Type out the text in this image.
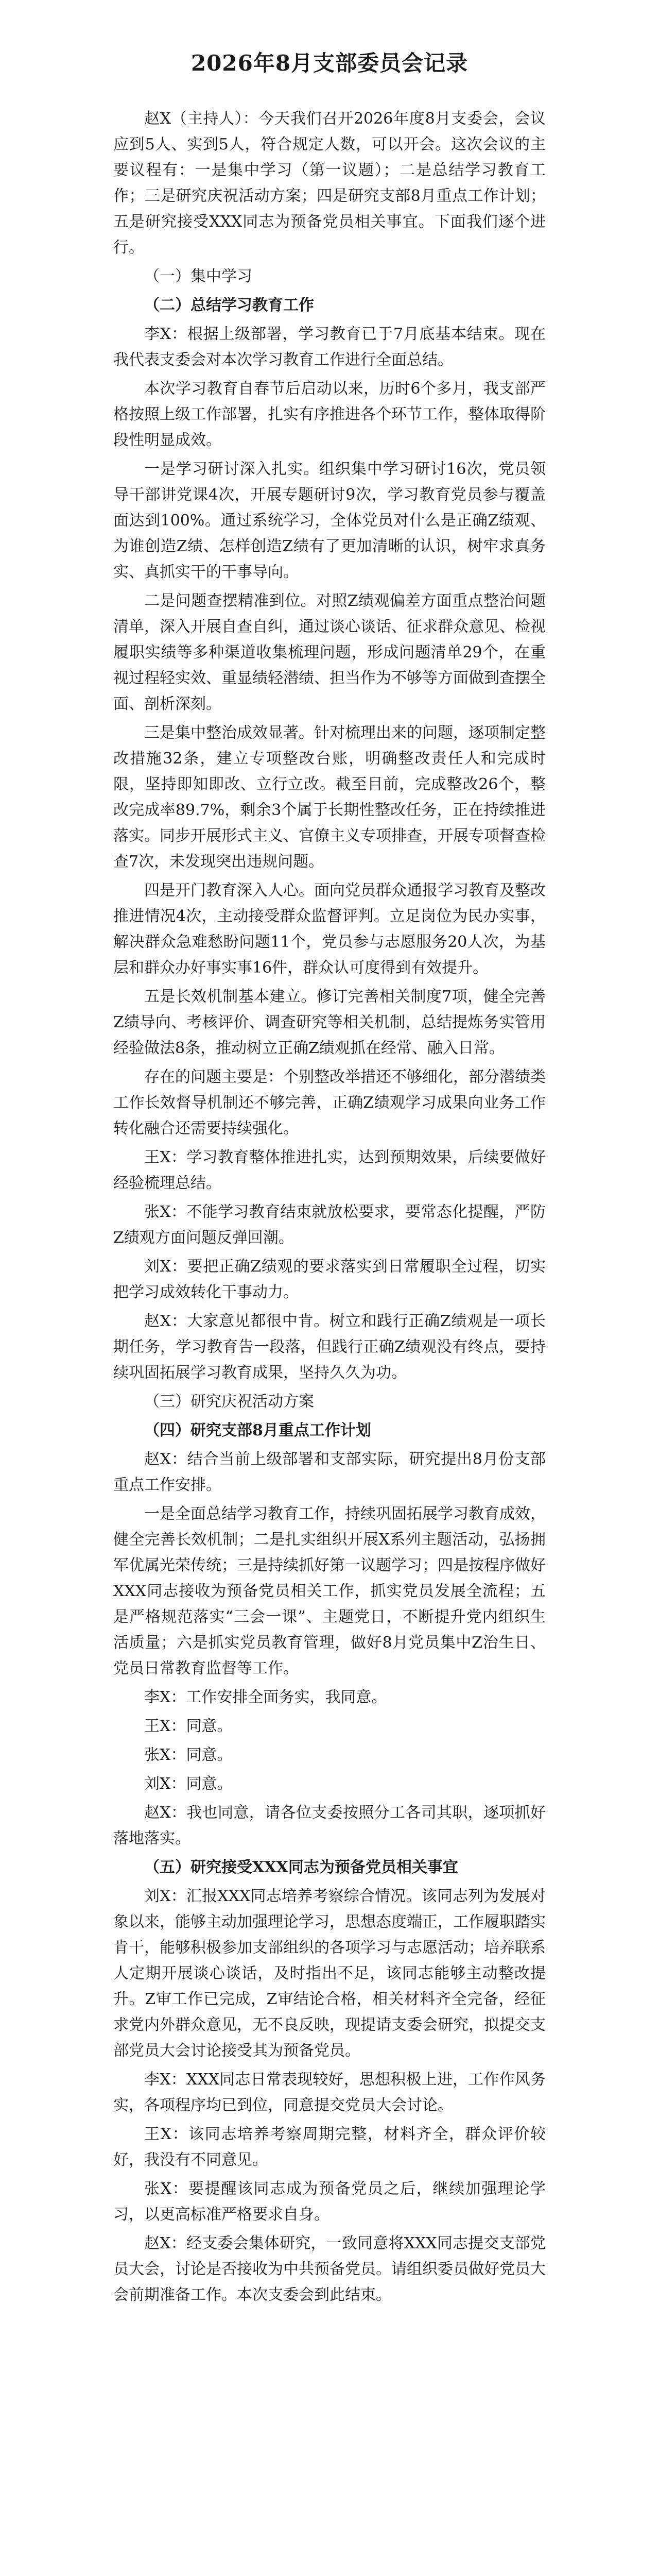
2026年8月支部委员会记录

赵X（主持人）：今天我们召开2026年度8月支委会，会议应到5人、实到5人，符合规定人数，可以开会。这次会议的主要议程有：一是集中学习（第一议题）；二是总结学习教育工作；三是研究庆祝活动方案；四是研究支部8月重点工作计划；五是研究接受XXX同志为预备党员相关事宜。下面我们逐个进行。

（一）集中学习

（二）总结学习教育工作

李X：根据上级部署，学习教育已于7月底基本结束。现在我代表支委会对本次学习教育工作进行全面总结。

本次学习教育自春节后启动以来，历时6个多月，我支部严格按照上级工作部署，扎实有序推进各个环节工作，整体取得阶段性明显成效。

一是学习研讨深入扎实。组织集中学习研讨16次，党员领导干部讲党课4次，开展专题研讨9次，学习教育党员参与覆盖面达到100%。通过系统学习，全体党员对什么是正确Z绩观、为谁创造Z绩、怎样创造Z绩有了更加清晰的认识，树牢求真务实、真抓实干的干事导向。

二是问题查摆精准到位。对照Z绩观偏差方面重点整治问题清单，深入开展自查自纠，通过谈心谈话、征求群众意见、检视履职实绩等多种渠道收集梳理问题，形成问题清单29个，在重视过程轻实效、重显绩轻潜绩、担当作为不够等方面做到查摆全面、剖析深刻。

三是集中整治成效显著。针对梳理出来的问题，逐项制定整改措施32条，建立专项整改台账，明确整改责任人和完成时限，坚持即知即改、立行立改。截至目前，完成整改26个，整改完成率89.7%，剩余3个属于长期性整改任务，正在持续推进落实。同步开展形式主义、官僚主义专项排查，开展专项督查检查7次，未发现突出违规问题。

四是开门教育深入人心。面向党员群众通报学习教育及整改推进情况4次，主动接受群众监督评判。立足岗位为民办实事，解决群众急难愁盼问题11个，党员参与志愿服务20人次，为基层和群众办好事实事16件，群众认可度得到有效提升。

五是长效机制基本建立。修订完善相关制度7项，健全完善Z绩导向、考核评价、调查研究等相关机制，总结提炼务实管用经验做法8条，推动树立正确Z绩观抓在经常、融入日常。

存在的问题主要是：个别整改举措还不够细化，部分潜绩类工作长效督导机制还不够完善，正确Z绩观学习成果向业务工作转化融合还需要持续强化。

王X：学习教育整体推进扎实，达到预期效果，后续要做好经验梳理总结。

张X：不能学习教育结束就放松要求，要常态化提醒，严防Z绩观方面问题反弹回潮。

刘X：要把正确Z绩观的要求落实到日常履职全过程，切实把学习成效转化干事动力。

赵X：大家意见都很中肯。树立和践行正确Z绩观是一项长期任务，学习教育告一段落，但践行正确Z绩观没有终点，要持续巩固拓展学习教育成果，坚持久久为功。

（三）研究庆祝活动方案

（四）研究支部8月重点工作计划

赵X：结合当前上级部署和支部实际，研究提出8月份支部重点工作安排。

一是全面总结学习教育工作，持续巩固拓展学习教育成效，健全完善长效机制；二是扎实组织开展X系列主题活动，弘扬拥军优属光荣传统；三是持续抓好第一议题学习；四是按程序做好XXX同志接收为预备党员相关工作，抓实党员发展全流程；五是严格规范落实“三会一课”、主题党日，不断提升党内组织生活质量；六是抓实党员教育管理，做好8月党员集中Z治生日、党员日常教育监督等工作。

李X：工作安排全面务实，我同意。

王X：同意。

张X：同意。

刘X：同意。

赵X：我也同意，请各位支委按照分工各司其职，逐项抓好落地落实。

（五）研究接受XXX同志为预备党员相关事宜

刘X：汇报XXX同志培养考察综合情况。该同志列为发展对象以来，能够主动加强理论学习，思想态度端正，工作履职踏实肯干，能够积极参加支部组织的各项学习与志愿活动；培养联系人定期开展谈心谈话，及时指出不足，该同志能够主动整改提升。Z审工作已完成，Z审结论合格，相关材料齐全完备，经征求党内外群众意见，无不良反映，现提请支委会研究，拟提交支部党员大会讨论接受其为预备党员。

李X：XXX同志日常表现较好，思想积极上进，工作作风务实，各项程序均已到位，同意提交党员大会讨论。

王X：该同志培养考察周期完整，材料齐全，群众评价较好，我没有不同意见。

张X：要提醒该同志成为预备党员之后，继续加强理论学习，以更高标准严格要求自身。

赵X：经支委会集体研究，一致同意将XXX同志提交支部党员大会，讨论是否接收为中共预备党员。请组织委员做好党员大会前期准备工作。本次支委会到此结束。
